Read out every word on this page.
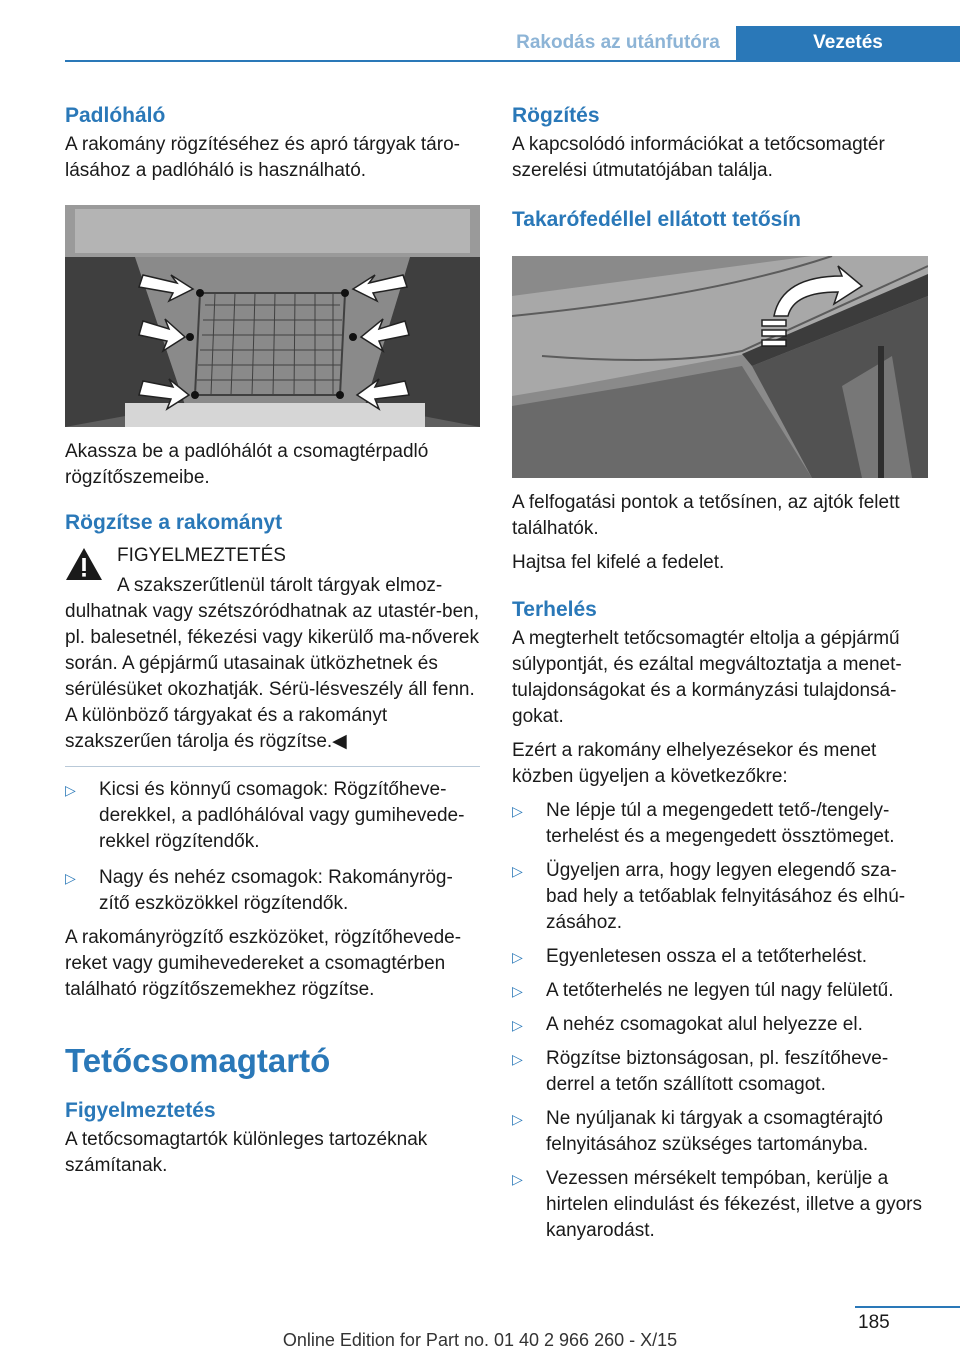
Rakodás az utánfutóra	Vezetés
Padlóháló

A rakomány rögzítéséhez és apró tárgyak táro-lásához a padlóháló is használható.

Akassza be a padlóhálót a csomagtérpadló rögzítőszemeibe.

Rögzítse a rakományt

FIGYELMEZTETÉS

A szakszerűtlenül tárolt tárgyak elmoz-

dulhatnak vagy szétszóródhatnak az utastér-ben, pl. balesetnél, fékezési vagy kikerülő ma-nőverek során. A gépjármű utasainak ütközhetnek és sérülésüket okozhatják. Sérü-lésveszély áll fenn. A különböző tárgyakat és a rakományt szakszerűen tárolja és rögzítse.◀

▷ Kicsi és könnyű csomagok: Rögzítőheve-derekkel, a padlóhálóval vagy gumihevede-rekkel rögzítendők.
▷ Nagy és nehéz csomagok: Rakományrög-zítő eszközökkel rögzítendők.

A rakományrögzítő eszközöket, rögzítőhevede-reket vagy gumihevedereket a csomagtérben található rögzítőszemekhez rögzítse.

Tetőcsomagtartó
Figyelmeztetés

A tetőcsomagtartók különleges tartozéknak számítanak.

Rögzítés

A kapcsolódó információkat a tetőcsomagtér szerelési útmutatójában találja.

Takarófedéllel ellátott tetősín

A felfogatási pontok a tetősínen, az ajtók felett találhatók.

Hajtsa fel kifelé a fedelet.

Terhelés

A megterhelt tetőcsomagtér eltolja a gépjármű súlypontját, és ezáltal megváltoztatja a menet-tulajdonságokat és a kormányzási tulajdonsá-gokat.

Ezért a rakomány elhelyezésekor és menet közben ügyeljen a következőkre:

▷ Ne lépje túl a megengedett tető-/tengely-terhelést és a megengedett össztömeget.
▷ Ügyeljen arra, hogy legyen elegendő sza-bad hely a tetőablak felnyitásához és elhú-zásához.
▷ Egyenletesen ossza el a tetőterhelést.
▷ A tetőterhelés ne legyen túl nagy felületű.
▷ A nehéz csomagokat alul helyezze el.
▷ Rögzítse biztonságosan, pl. feszítőheve-derrel a tetőn szállított csomagot.
▷ Ne nyúljanak ki tárgyak a csomagtérajtó felnyitásához szükséges tartományba.
▷ Vezessen mérsékelt tempóban, kerülje a hirtelen elindulást és fékezést, illetve a gyors kanyarodást.
185
Online Edition for Part no. 01 40 2 966 260 - X/15
